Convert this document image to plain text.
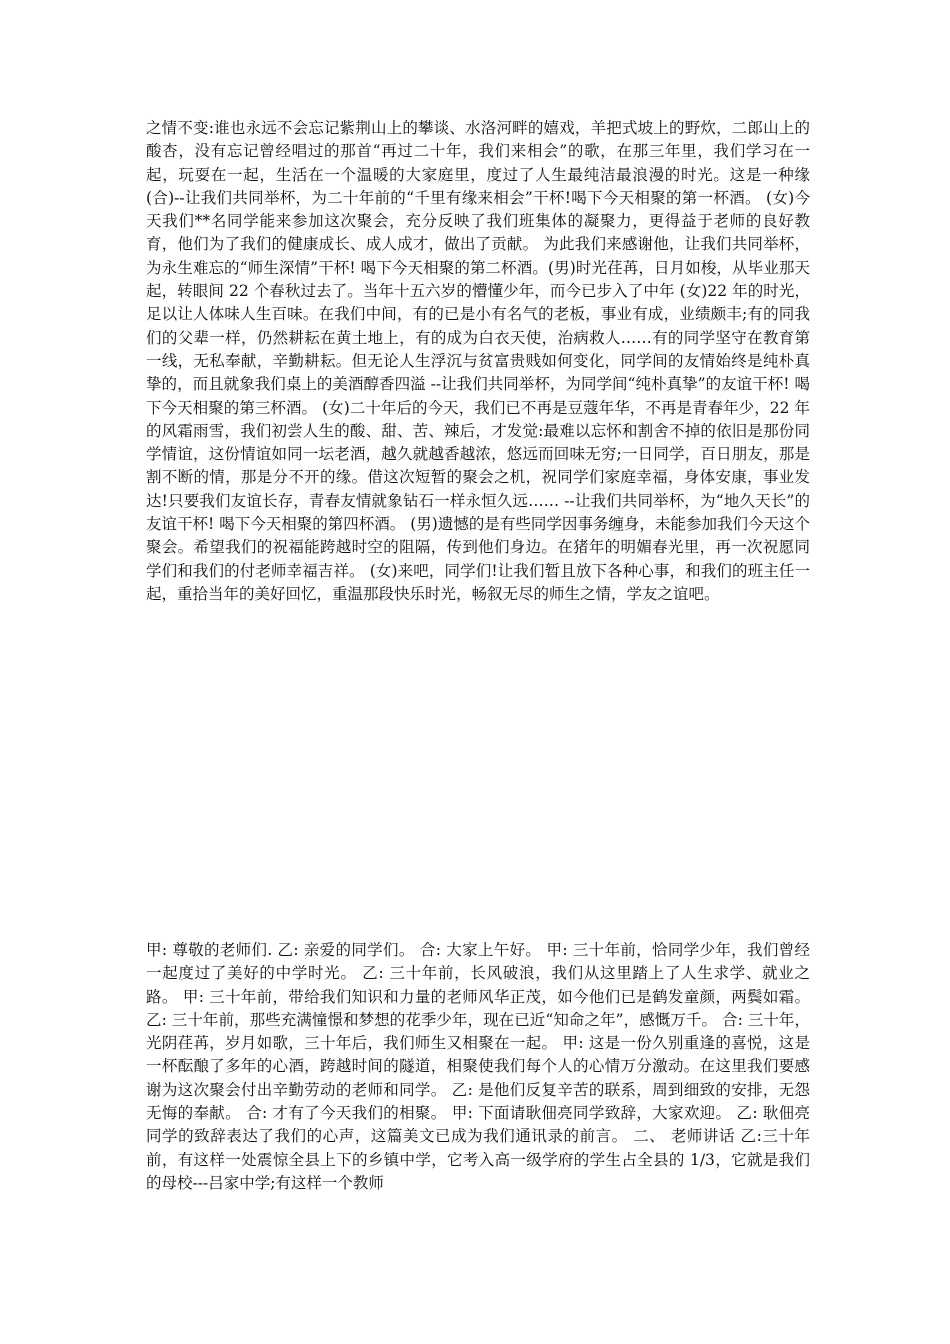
之情不变:谁也永远不会忘记紫荆山上的攀谈、水洛河畔的嬉戏，羊把式坡上的野炊，二郎山上的酸杏，没有忘记曾经唱过的那首“再过二十年，我们来相会”的歌，在那三年里，我们学习在一起，玩耍在一起，生活在一个温暖的大家庭里，度过了人生最纯洁最浪漫的时光。这是一种缘 (合)--让我们共同举杯，为二十年前的“千里有缘来相会”干杯!喝下今天相聚的第一杯酒。 (女)今天我们**名同学能来参加这次聚会，充分反映了我们班集体的凝聚力，更得益于老师的良好教育，他们为了我们的健康成长、成人成才，做出了贡献。 为此我们来感谢他，让我们共同举杯，为永生难忘的“师生深情”干杯! 喝下今天相聚的第二杯酒。(男)时光荏苒，日月如梭，从毕业那天起，转眼间 22 个春秋过去了。当年十五六岁的懵懂少年，而今已步入了中年 (女)22 年的时光，足以让人体味人生百味。在我们中间，有的已是小有名气的老板，事业有成，业绩颇丰;有的同我们的父辈一样，仍然耕耘在黄土地上，有的成为白衣天使，治病救人……有的同学坚守在教育第一线，无私奉献，辛勤耕耘。但无论人生浮沉与贫富贵贱如何变化，同学间的友情始终是纯朴真挚的，而且就象我们桌上的美酒醇香四溢 --让我们共同举杯，为同学间“纯朴真挚”的友谊干杯! 喝下今天相聚的第三杯酒。 (女)二十年后的今天，我们已不再是豆蔻年华，不再是青春年少，22 年的风霜雨雪，我们初尝人生的酸、甜、苦、辣后，才发觉:最难以忘怀和割舍不掉的依旧是那份同学情谊，这份情谊如同一坛老酒，越久就越香越浓，悠远而回味无穷;一日同学，百日朋友，那是割不断的情，那是分不开的缘。借这次短暂的聚会之机，祝同学们家庭幸福，身体安康，事业发达!只要我们友谊长存，青春友情就象钻石一样永恒久远…… --让我们共同举杯，为“地久天长”的友谊干杯! 喝下今天相聚的第四杯酒。 (男)遗憾的是有些同学因事务缠身，未能参加我们今天这个聚会。希望我们的祝福能跨越时空的阻隔，传到他们身边。在猪年的明媚春光里，再一次祝愿同学们和我们的付老师幸福吉祥。 (女)来吧，同学们!让我们暂且放下各种心事，和我们的班主任一起，重拾当年的美好回忆，重温那段快乐时光，畅叙无尽的师生之情，学友之谊吧。

甲: 尊敬的老师们. 乙: 亲爱的同学们。 合: 大家上午好。 甲: 三十年前，恰同学少年，我们曾经一起度过了美好的中学时光。 乙: 三十年前，长风破浪，我们从这里踏上了人生求学、就业之路。 甲: 三十年前，带给我们知识和力量的老师风华正茂，如今他们已是鹤发童颜，两鬓如霜。 乙: 三十年前，那些充满憧憬和梦想的花季少年，现在已近“知命之年”，感慨万千。 合: 三十年，光阴荏苒，岁月如歌，三十年后，我们师生又相聚在一起。 甲: 这是一份久别重逢的喜悦，这是一杯酝酿了多年的心酒，跨越时间的隧道，相聚使我们每个人的心情万分激动。在这里我们要感谢为这次聚会付出辛勤劳动的老师和同学。 乙: 是他们反复辛苦的联系，周到细致的安排，无怨无悔的奉献。 合: 才有了今天我们的相聚。 甲: 下面请耿佃亮同学致辞，大家欢迎。 乙: 耿佃亮同学的致辞表达了我们的心声，这篇美文已成为我们通讯录的前言。 二、 老师讲话 乙:三十年前，有这样一处震惊全县上下的乡镇中学，它考入高一级学府的学生占全县的 1/3，它就是我们的母校---吕家中学;有这样一个教师
